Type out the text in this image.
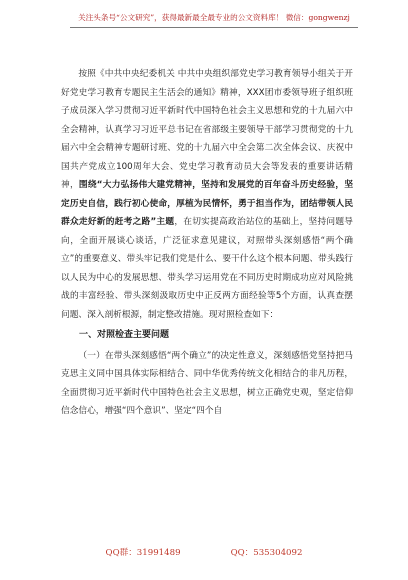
关注头条号“公文研究”，获得最新最全最专业的公文资料库！ 微信：gongwenzj

按照《中共中央纪委机关 中共中央组织部党史学习教育领导小组关于开好党史学习教育专题民主生活会的通知》精神，XXX团市委领导班子组织班子成员深入学习贯彻习近平新时代中国特色社会主义思想和党的十九届六中全会精神，认真学习习近平总书记在省部级主要领导干部学习贯彻党的十九届六中全会精神专题研讨班、党的十九届六中全会第二次全体会议、庆祝中国共产党成立100周年大会、党史学习教育动员大会等发表的重要讲话精神，围绕“大力弘扬伟大建党精神，坚持和发展党的百年奋斗历史经验，坚定历史自信，践行初心使命，厚植为民情怀，勇于担当作为，团结带领人民群众走好新的赶考之路”主题，在切实提高政治站位的基础上，坚持问题导向，全面开展谈心谈话，广泛征求意见建议，对照带头深刻感悟“两个确立”的重要意义、带头牢记我们党是什么、要干什么这个根本问题、带头践行以人民为中心的发展思想、带头学习运用党在不同历史时期成功应对风险挑战的丰富经验、带头深刻汲取历史中正反两方面经验等5个方面，认真查摆问题、深入剖析根源，制定整改措施。现对照检查如下：

一、对照检查主要问题

（一）在带头深刻感悟“两个确立”的决定性意义，深刻感悟党坚持把马克思主义同中国具体实际相结合、同中华优秀传统文化相结合的非凡历程，全面贯彻习近平新时代中国特色社会主义思想，树立正确党史观，坚定信仰信念信心，增强“四个意识”、坚定“四个自

QQ群：31991489	QQ：535304092
